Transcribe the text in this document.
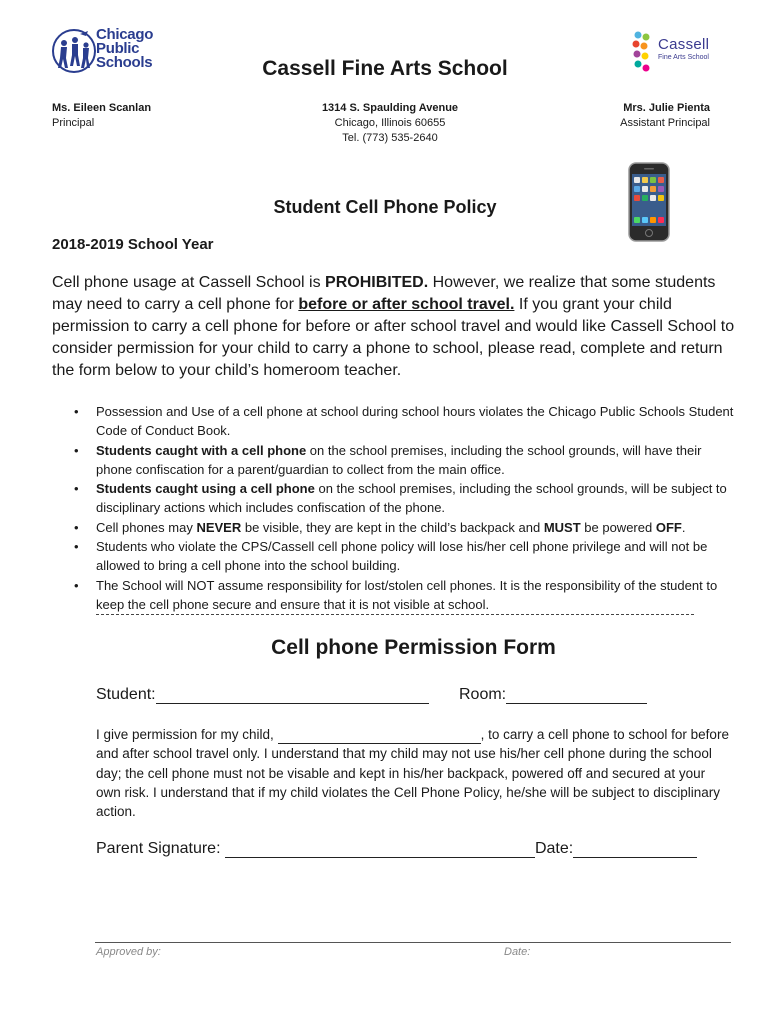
Chicago
Public
Schools
Cassell
Fine Arts School
Cassell Fine Arts School
Ms. Eileen Scanlan
Principal
1314 S. Spaulding Avenue
Chicago, Illinois 60655
Tel. (773) 535-2640
Mrs. Julie Pienta
Assistant Principal
Student Cell Phone Policy
2018-2019 School Year
Cell phone usage at Cassell School is PROHIBITED. However, we realize that some students may need to carry a cell phone for before or after school travel. If you grant your child permission to carry a cell phone for before or after school travel and would like Cassell School to consider permission for your child to carry a phone to school, please read, complete and return the form below to your child’s homeroom teacher.
• Possession and Use of a cell phone at school during school hours violates the Chicago Public Schools Student Code of Conduct Book.
• Students caught with a cell phone on the school premises, including the school grounds, will have their phone confiscation for a parent/guardian to collect from the main office.
• Students caught using a cell phone on the school premises, including the school grounds, will be subject to disciplinary actions which includes confiscation of the phone.
• Cell phones may NEVER be visible, they are kept in the child’s backpack and MUST be powered OFF.
• Students who violate the CPS/Cassell cell phone policy will lose his/her cell phone privilege and will not be allowed to bring a cell phone into the school building.
• The School will NOT assume responsibility for lost/stolen cell phones. It is the responsibility of the student to keep the cell phone secure and ensure that it is not visible at school.
Cell phone Permission Form
Student:	Room:
I give permission for my child,	, to carry a cell phone to school for before and after school travel only. I understand that my child may not use his/her cell phone during the school day; the cell phone must not be visable and kept in his/her backpack, powered off and secured at your own risk. I understand that if my child violates the Cell Phone Policy, he/she will be subject to disciplinary action.
Parent Signature:	Date:
Approved by:	Date:
